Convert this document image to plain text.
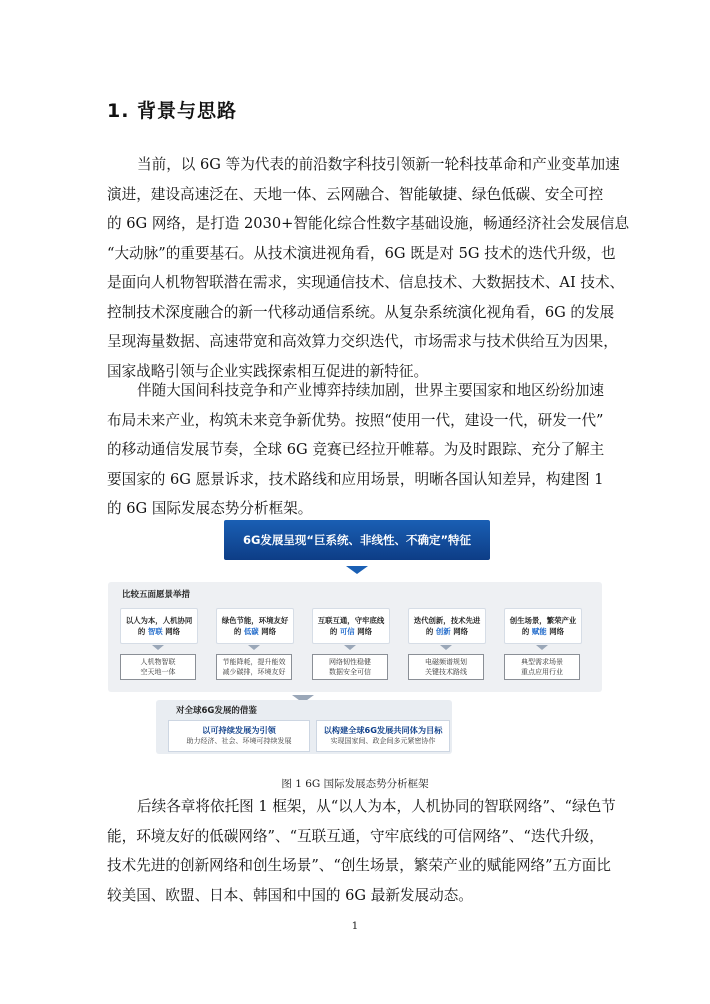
1. 背景与思路

当前，以 6G 等为代表的前沿数字科技引领新一轮科技革命和产业变革加速
演进，建设高速泛在、天地一体、云网融合、智能敏捷、绿色低碳、安全可控
的 6G 网络，是打造 2030+智能化综合性数字基础设施，畅通经济社会发展信息
“大动脉”的重要基石。从技术演进视角看，6G 既是对 5G 技术的迭代升级，也
是面向人机物智联潜在需求，实现通信技术、信息技术、大数据技术、AI 技术、
控制技术深度融合的新一代移动通信系统。从复杂系统演化视角看，6G 的发展
呈现海量数据、高速带宽和高效算力交织迭代，市场需求与技术供给互为因果，
国家战略引领与企业实践探索相互促进的新特征。

伴随大国间科技竞争和产业博弈持续加剧，世界主要国家和地区纷纷加速
布局未来产业，构筑未来竞争新优势。按照“使用一代，建设一代，研发一代”
的移动通信发展节奏，全球 6G 竞赛已经拉开帷幕。为及时跟踪、充分了解主
要国家的 6G 愿景诉求，技术路线和应用场景，明晰各国认知差异，构建图 1
的 6G 国际发展态势分析框架。

6G发展呈现“巨系统、非线性、不确定”特征
比较五面愿景举措
以人为本，人机协同
的 智联 网络
绿色节能，环境友好
的 低碳 网络
互联互通，守牢底线
的 可信 网络
迭代创新，技术先进
的 创新 网络
创生场景，繁荣产业
的 赋能 网络
人机物智联
空天地一体
节能降耗，提升能效
减少碳排，环境友好
网络韧性稳健
数据安全可信
电磁频谱规划
关键技术路线
典型需求场景
重点应用行业
对全球6G发展的借鉴
以可持续发展为引领
助力经济、社会、环境可持续发展
以构建全球6G发展共同体为目标
实现国家间、政企间多元紧密协作
图 1 6G 国际发展态势分析框架

后续各章将依托图 1 框架，从“以人为本，人机协同的智联网络”、“绿色节
能，环境友好的低碳网络”、“互联互通，守牢底线的可信网络”、“迭代升级，
技术先进的创新网络和创生场景”、“创生场景，繁荣产业的赋能网络”五方面比
较美国、欧盟、日本、韩国和中国的 6G 最新发展动态。

1
